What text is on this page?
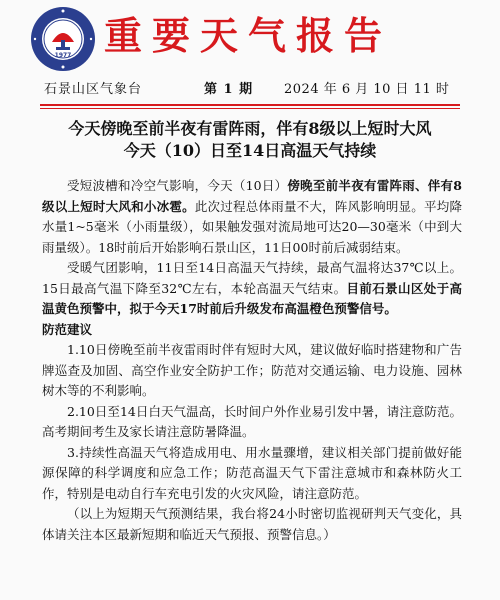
1977 重要天气报告
石景山区气象台	第 1 期	2024 年 6 月 10 日 11 时
今天傍晚至前半夜有雷阵雨，伴有8级以上短时大风
今天（10）日至14日高温天气持续

受短波槽和冷空气影响，今天（10日）傍晚至前半夜有雷阵雨、伴有8级以上短时大风和小冰雹。此次过程总体雨量不大，阵风影响明显。平均降水量1~5毫米（小雨量级），如果触发强对流局地可达20—30毫米（中到大雨量级）。18时前后开始影响石景山区，11日00时前后减弱结束。

受暖气团影响，11日至14日高温天气持续，最高气温将达37℃以上。15日最高气温下降至32℃左右，本轮高温天气结束。目前石景山区处于高温黄色预警中，拟于今天17时前后升级发布高温橙色预警信号。

防范建议

1.10日傍晚至前半夜雷雨时伴有短时大风，建议做好临时搭建物和广告牌巡查及加固、高空作业安全防护工作；防范对交通运输、电力设施、园林树木等的不利影响。

2.10日至14日白天气温高，长时间户外作业易引发中暑，请注意防范。高考期间考生及家长请注意防暑降温。

3.持续性高温天气将造成用电、用水量骤增，建议相关部门提前做好能源保障的科学调度和应急工作；防范高温天气下雷注意城市和森林防火工作，特别是电动自行车充电引发的火灾风险，请注意防范。

（以上为短期天气预测结果，我台将24小时密切监视研判天气变化，具体请关注本区最新短期和临近天气预报、预警信息。）
